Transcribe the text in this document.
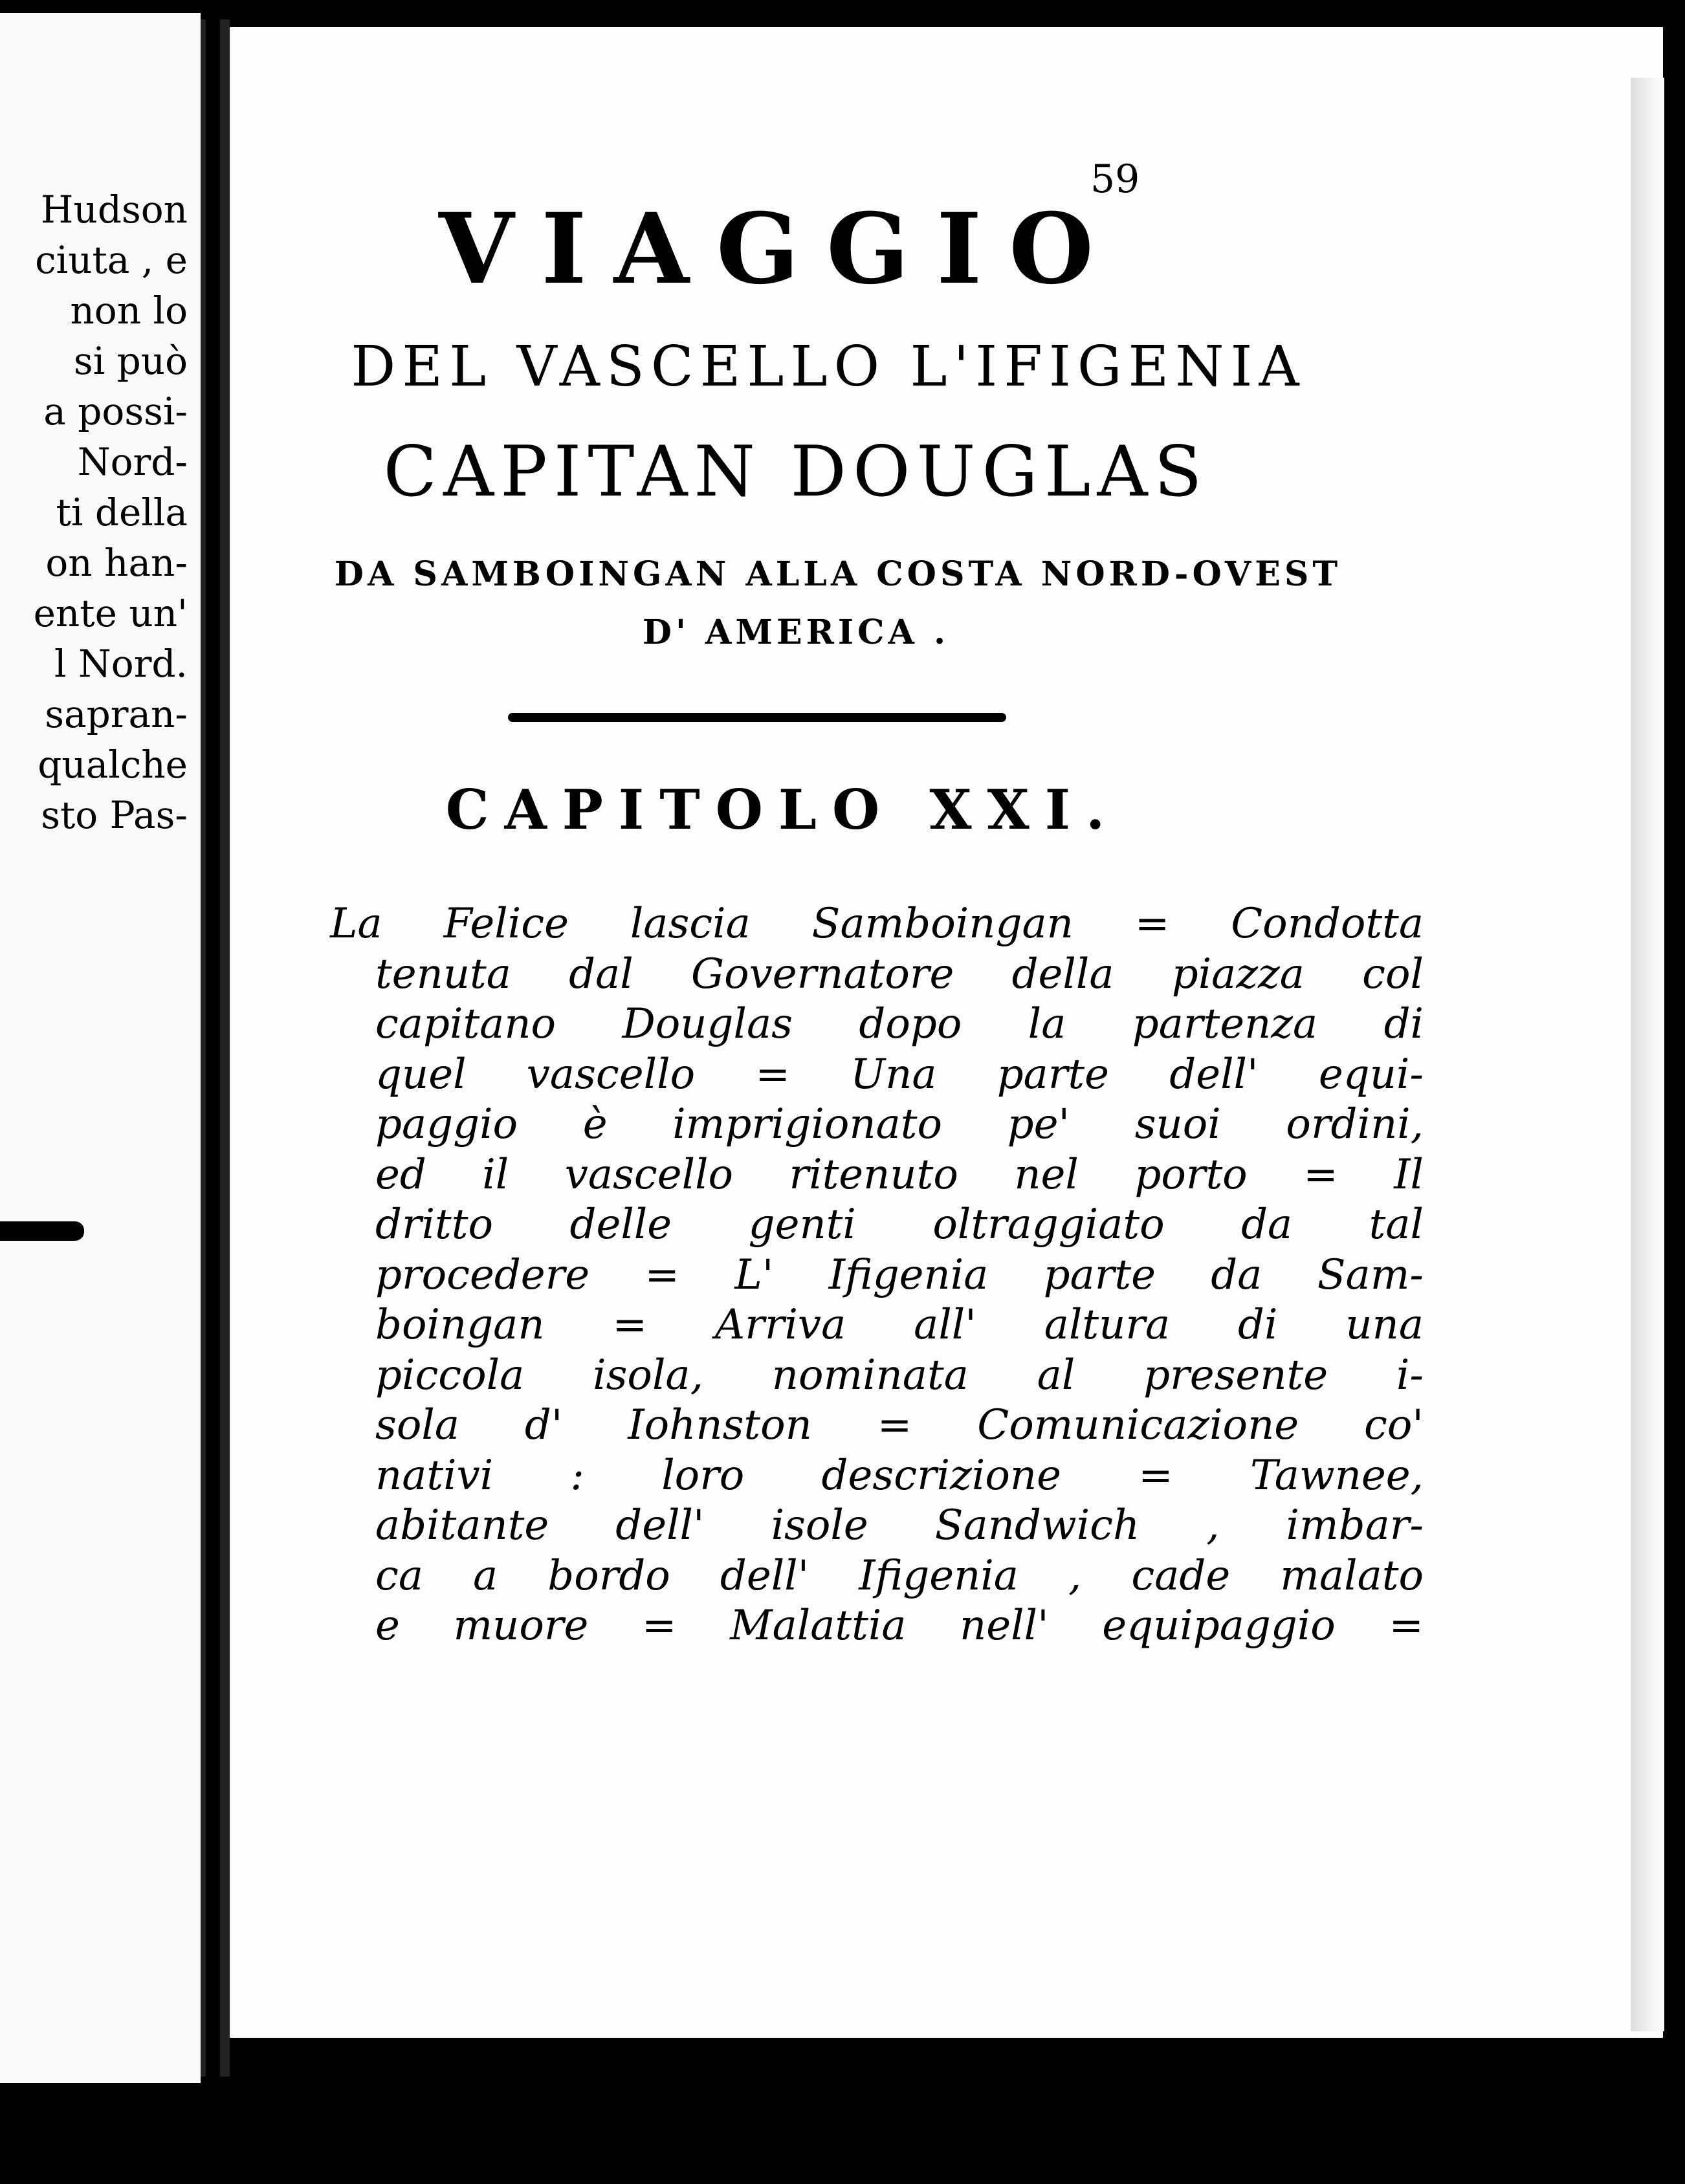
Hudson
ciuta , e
non lo
si può
a possi-
Nord-
ti della
on han-
ente un'
l Nord.
sapran-
qualche
sto Pas-
59
VIAGGIO
DEL VASCELLO L'IFIGENIA
CAPITAN DOUGLAS
DA SAMBOINGAN ALLA COSTA NORD-OVEST
D' AMERICA .
CAPITOLO XXI.
La Felice lascia Samboingan = Condotta
tenuta dal Governatore della piazza col
capitano Douglas dopo la partenza di
quel vascello = Una parte dell' equi-
paggio è imprigionato pe' suoi ordini,
ed il vascello ritenuto nel porto = Il
dritto delle genti oltraggiato da tal
procedere = L' Ifigenia parte da Sam-
boingan = Arriva all' altura di una
piccola isola, nominata al presente i-
sola d' Iohnston = Comunicazione co'
nativi : loro descrizione = Tawnee,
abitante dell' isole Sandwich , imbar-
ca a bordo dell' Ifigenia , cade malato
e muore = Malattia nell' equipaggio =
